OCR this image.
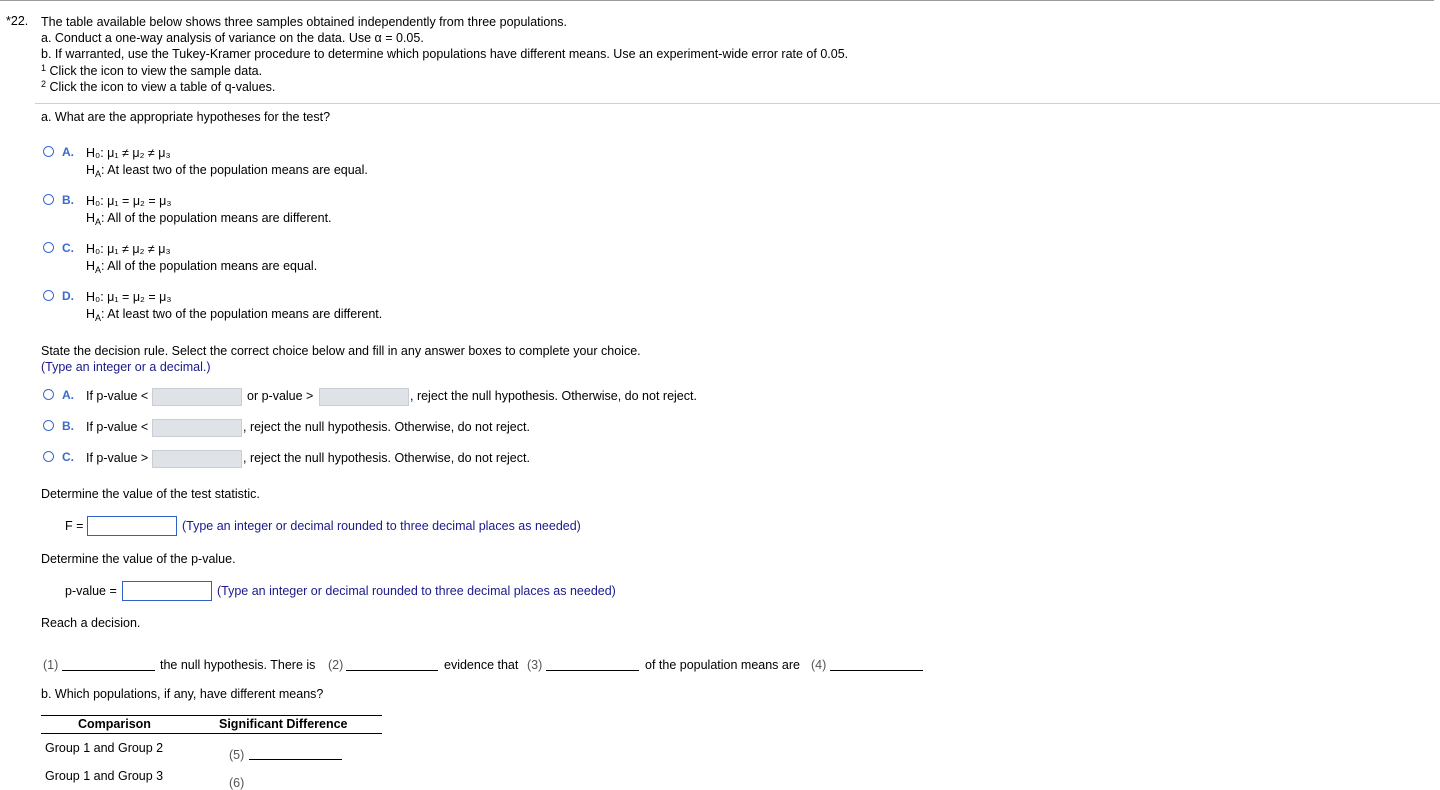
*22. The table available below shows three samples obtained independently from three populations.
a. Conduct a one-way analysis of variance on the data. Use α = 0.05.
b. If warranted, use the Tukey-Kramer procedure to determine which populations have different means. Use an experiment-wide error rate of 0.05.
$^1$ Click the icon to view the sample data.
$^2$ Click the icon to view a table of q-values.
a. What are the appropriate hypotheses for the test?
A. H₀: μ₁ ≠ μ₂ ≠ μ₃
$H_A$: At least two of the population means are equal.
B. H₀: μ₁ = μ₂ = μ₃
$H_A$: All of the population means are different.
C. H₀: μ₁ ≠ μ₂ ≠ μ₃
$H_A$: All of the population means are equal.
D. H₀: μ₁ = μ₂ = μ₃
$H_A$: At least two of the population means are different.
State the decision rule. Select the correct choice below and fill in any answer boxes to complete your choice.
(Type an integer or a decimal.)
A. If p-value <	or p-value >	, reject the null hypothesis. Otherwise, do not reject.
B. If p-value <	, reject the null hypothesis. Otherwise, do not reject.
C. If p-value >	, reject the null hypothesis. Otherwise, do not reject.
Determine the value of the test statistic.
F =	(Type an integer or decimal rounded to three decimal places as needed)
Determine the value of the p-value.
p-value =	(Type an integer or decimal rounded to three decimal places as needed)
Reach a decision.
(1)	the null hypothesis. There is (2)	evidence that (3)	of the population means are (4)
b. Which populations, if any, have different means?
Comparison	Significant Difference
Group 1 and Group 2	(5)
Group 1 and Group 3	(6)
